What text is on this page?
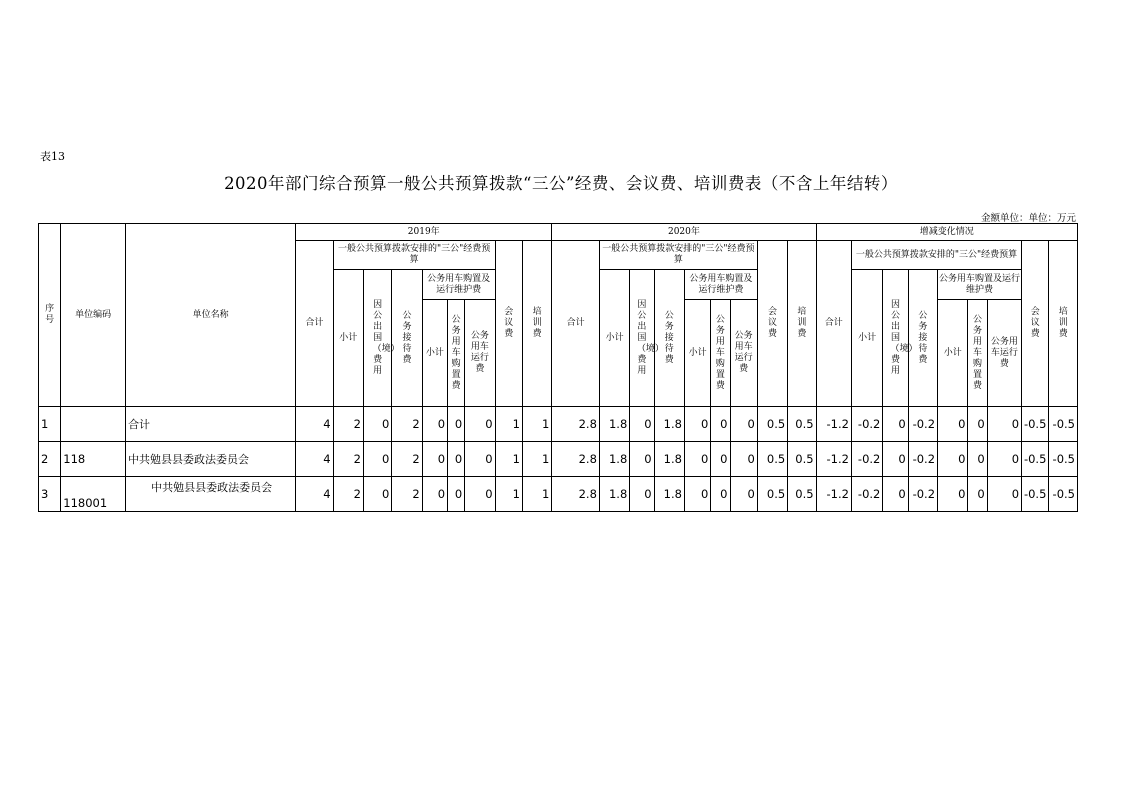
表13
2020年部门综合预算一般公共预算拨款“三公”经费、会议费、培训费表（不含上年结转）
金额单位：单位：万元
序号	单位编码	单位名称	2019年									2020年									增减变化情况								
			合计	一般公共预算拨款安排的"三公"经费预算						会议费	培训费	合计	一般公共预算拨款安排的"三公"经费预算						会议费	培训费	合计	一般公共预算拨款安排的"三公"经费预算						会议费	培训费
				小计	因公出国（境）费用	公务接待费	公务用车购置及运行维护费						小计	因公出国（境）费用	公务接待费	公务用车购置及运行维护费						小计	因公出国（境）费用	公务接待费	公务用车购置及运行维护费				
							小计	公务用车购置费	公务用车运行费							小计	公务用车购置费	公务用车运行费							小计	公务用车购置费	公务用车运行费		
1		合计	4	2	0	2	0	0	0	1	1	2.8	1.8	0	1.8	0	0	0	0.5	0.5	-1.2	-0.2	0	-0.2	0	0	0	-0.5	-0.5
2	118	中共勉县县委政法委员会	4	2	0	2	0	0	0	1	1	2.8	1.8	0	1.8	0	0	0	0.5	0.5	-1.2	-0.2	0	-0.2	0	0	0	-0.5	-0.5
3	118001	中共勉县县委政法委员会	4	2	0	2	0	0	0	1	1	2.8	1.8	0	1.8	0	0	0	0.5	0.5	-1.2	-0.2	0	-0.2	0	0	0	-0.5	-0.5
